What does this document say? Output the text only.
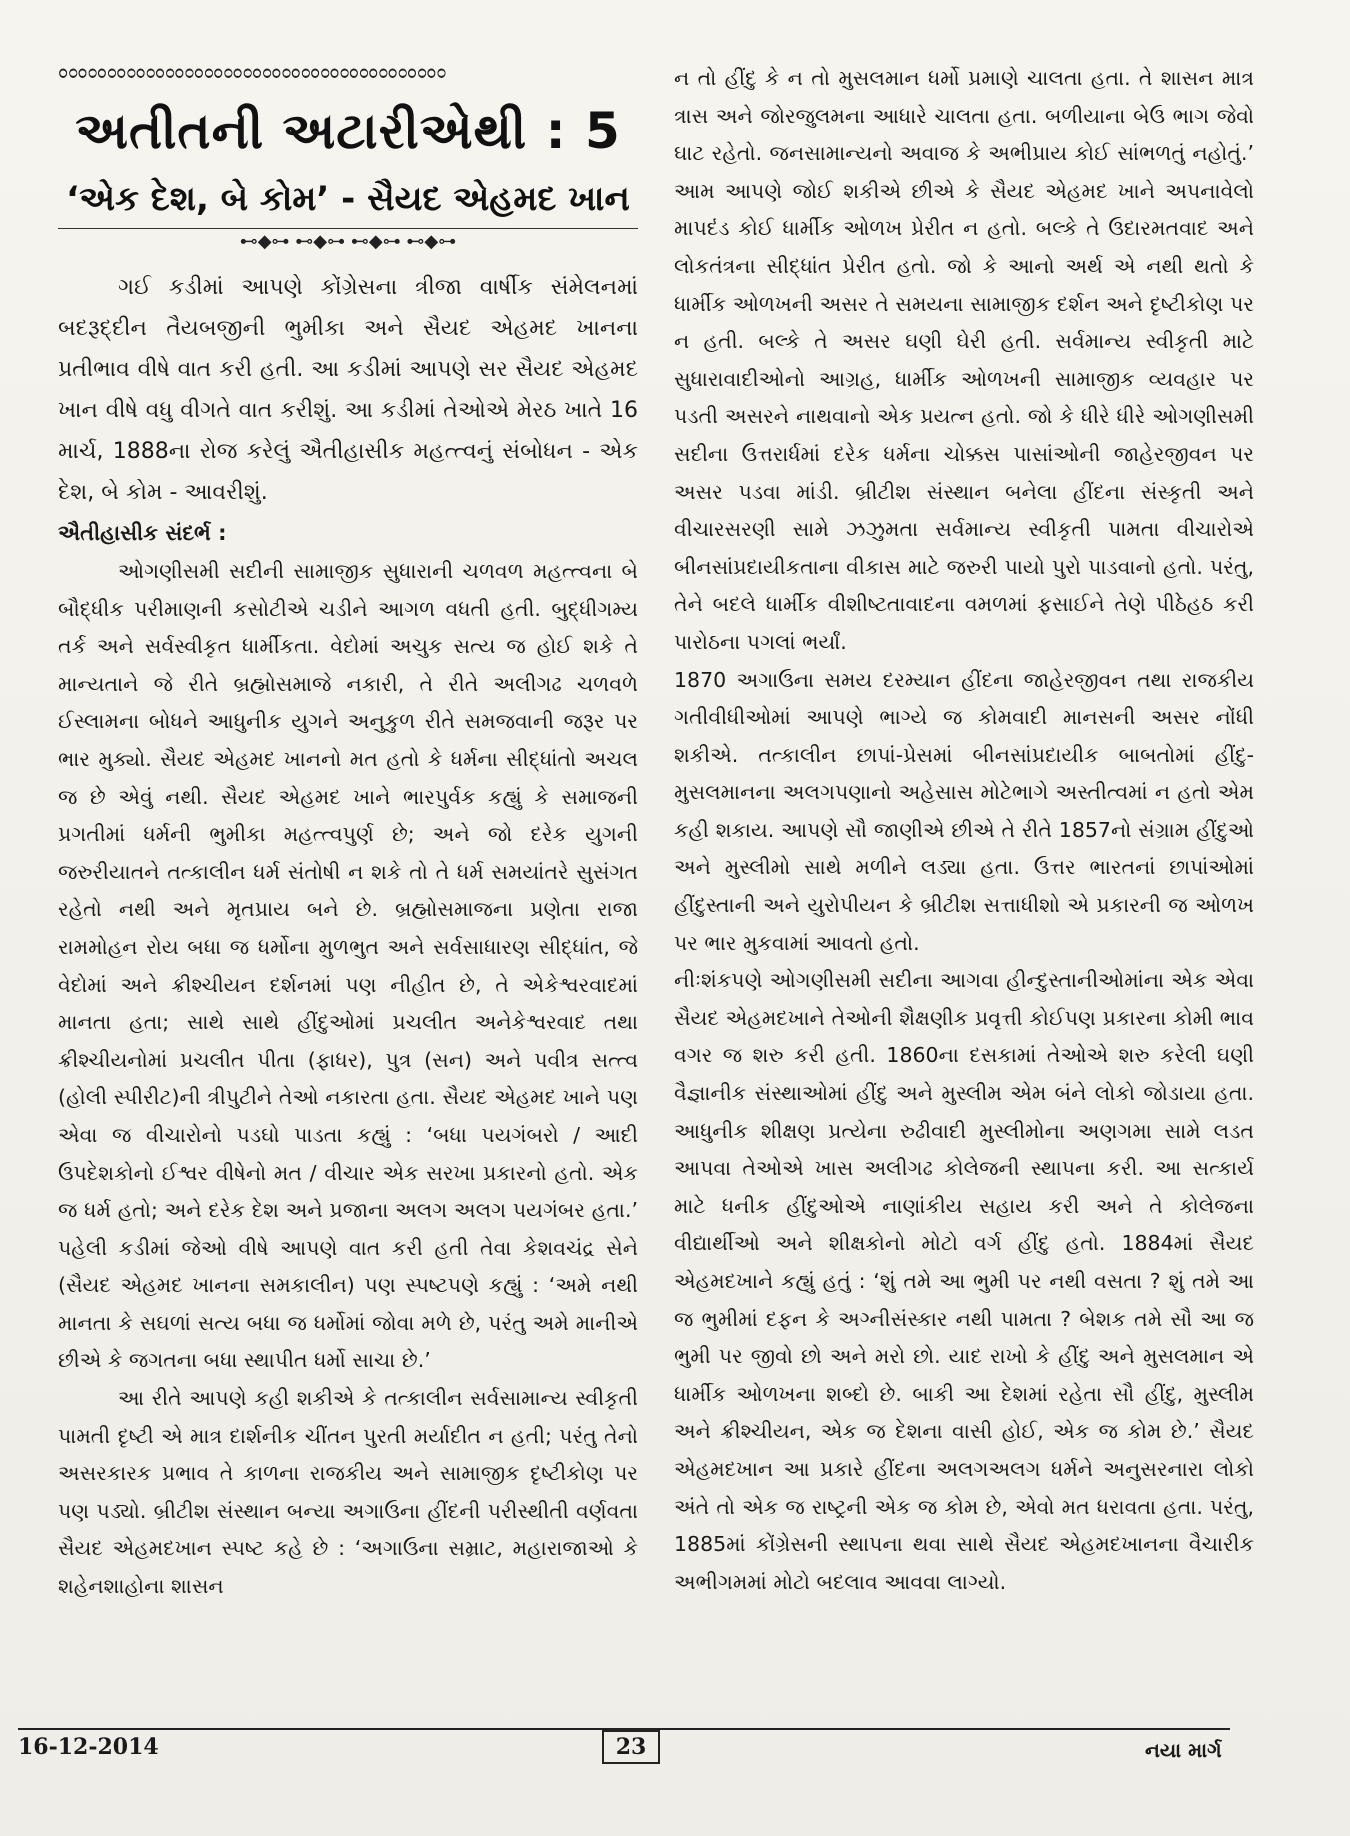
ೲೲೲೲೲೲೲೲೲೲೲೲೲೲೲೲೲೲೲೲ
અતીતની અટારીએથી : 5
‘એક દેશ, બે કોમ’ - સૈયદ એહમદ ખાન
⊷◆⊶ ⊷◆⊶ ⊷◆⊶ ⊷◆⊶

ગઈ કડીમાં આપણે કોંગ્રેસના ત્રીજા વાર્ષીક સંમેલનમાં બદરૂદ્દીન તૈયબજીની ભુમીકા અને સૈયદ એહમદ ખાનના પ્રતીભાવ વીષે વાત કરી હતી. આ કડીમાં આપણે સર સૈયદ એહમદ ખાન વીષે વધુ વીગતે વાત કરીશું. આ કડીમાં તેઓએ મેરઠ ખાતે 16 માર્ચ, 1888ના રોજ કરેલું ઐતીહાસીક મહત્ત્વનું સંબોધન - એક દેશ, બે કોમ - આવરીશું.

ઐતીહાસીક સંદર્ભ :

ઓગણીસમી સદીની સામાજીક સુધારાની ચળવળ મહત્ત્વના બે બૌદ્ધીક પરીમાણની કસોટીએ ચડીને આગળ વધતી હતી. બુદ્ધીગમ્ય તર્ક અને સર્વસ્વીકૃત ધાર્મીકતા. વેદોમાં અચુક સત્ય જ હોઈ શકે તે માન્યતાને જે રીતે બ્રહ્મોસમાજે નકારી, તે રીતે અલીગઢ ચળવળે ઈસ્લામના બોધને આધુનીક યુગને અનુકુળ રીતે સમજવાની જરૂર પર ભાર મુક્યો. સૈયદ એહમદ ખાનનો મત હતો કે ધર્મના સીદ્ધાંતો અચલ જ છે એવું નથી. સૈયદ એહમદ ખાને ભારપુર્વક કહ્યું કે સમાજની પ્રગતીમાં ધર્મની ભુમીકા મહત્ત્વપુર્ણ છે; અને જો દરેક યુગની જરુરીયાતને તત્કાલીન ધર્મ સંતોષી ન શકે તો તે ધર્મ સમયાંતરે સુસંગત રહેતો નથી અને મૃતપ્રાય બને છે. બ્રહ્મોસમાજના પ્રણેતા રાજા રામમોહન રોય બધા જ ધર્મોના મુળભુત અને સર્વસાધારણ સીદ્ધાંત, જે વેદોમાં અને ક્રીશ્ચીયન દર્શનમાં પણ નીહીત છે, તે એકેશ્વરવાદમાં માનતા હતા; સાથે સાથે હીંદુઓમાં પ્રચલીત અનેકેશ્વરવાદ તથા ક્રીશ્ચીયનોમાં પ્રચલીત પીતા (ફાધર), પુત્ર (સન) અને પવીત્ર સત્ત્વ (હોલી સ્પીરીટ)ની ત્રીપુટીને તેઓ નકારતા હતા. સૈયદ એહમદ ખાને પણ એવા જ વીચારોનો પડઘો પાડતા કહ્યું : ‘બધા પયગંબરો / આદી ઉપદેશકોનો ઈશ્વર વીષેનો મત / વીચાર એક સરખા પ્રકારનો હતો. એક જ ધર્મ હતો; અને દરેક દેશ અને પ્રજાના અલગ અલગ પયગંબર હતા.’ પહેલી કડીમાં જેઓ વીષે આપણે વાત કરી હતી તેવા કેશવચંદ્ર સેને (સૈયદ એહમદ ખાનના સમકાલીન) પણ સ્પષ્ટપણે કહ્યું : ‘અમે નથી માનતા કે સઘળાં સત્ય બધા જ ધર્મોમાં જોવા મળે છે, પરંતુ અમે માનીએ છીએ કે જગતના બધા સ્થાપીત ધર્મો સાચા છે.’

આ રીતે આપણે કહી શકીએ કે તત્કાલીન સર્વસામાન્ય સ્વીકૃતી પામતી દૃષ્ટી એ માત્ર દાર્શનીક ચીંતન પુરતી મર્યાદીત ન હતી; પરંતુ તેનો અસરકારક પ્રભાવ તે કાળના રાજકીય અને સામાજીક દૃષ્ટીકોણ પર પણ પડ્યો. બ્રીટીશ સંસ્થાન બન્યા અગાઉના હીંદની પરીસ્થીતી વર્ણવતા સૈયદ એહમદખાન સ્પષ્ટ કહે છે : ‘અગાઉના સમ્રાટ, મહારાજાઓ કે શહેનશાહોના શાસન

ન તો હીંદુ કે ન તો મુસલમાન ધર્મો પ્રમાણે ચાલતા હતા. તે શાસન માત્ર ત્રાસ અને જોરજુલમના આધારે ચાલતા હતા. બળીયાના બેઉ ભાગ જેવો ઘાટ રહેતો. જનસામાન્યનો અવાજ કે અભીપ્રાય કોઈ સાંભળતું નહોતું.’ આમ આપણે જોઈ શકીએ છીએ કે સૈયદ એહમદ ખાને અપનાવેલો માપદંડ કોઈ ધાર્મીક ઓળખ પ્રેરીત ન હતો. બલ્કે તે ઉદારમતવાદ અને લોકતંત્રના સીદ્ધાંત પ્રેરીત હતો. જો કે આનો અર્થ એ નથી થતો કે ધાર્મીક ઓળખની અસર તે સમયના સામાજીક દર્શન અને દૃષ્ટીકોણ પર ન હતી. બલ્કે તે અસર ઘણી ઘેરી હતી. સર્વમાન્ય સ્વીકૃતી માટે સુધારાવાદીઓનો આગ્રહ, ધાર્મીક ઓળખની સામાજીક વ્યવહાર પર પડતી અસરને નાથવાનો એક પ્રયત્ન હતો. જો કે ધીરે ધીરે ઓગણીસમી સદીના ઉત્તરાર્ધમાં દરેક ધર્મના ચોક્કસ પાસાંઓની જાહેરજીવન પર અસર પડવા માંડી. બ્રીટીશ સંસ્થાન બનેલા હીંદના સંસ્કૃતી અને વીચારસરણી સામે ઝઝુમતા સર્વમાન્ય સ્વીકૃતી પામતા વીચારોએ બીનસાંપ્રદાયીકતાના વીકાસ માટે જરુરી પાયો પુરો પાડવાનો હતો. પરંતુ, તેને બદલે ધાર્મીક વીશીષ્ટતાવાદના વમળમાં ફસાઈને તેણે પીઠેહઠ કરી પારોઠના પગલાં ભર્યાં.

1870 અગાઉના સમય દરમ્યાન હીંદના જાહેરજીવન તથા રાજકીય ગતીવીધીઓમાં આપણે ભાગ્યે જ કોમવાદી માનસની અસર નોંધી શકીએ. તત્કાલીન છાપાં-પ્રેસમાં બીનસાંપ્રદાયીક બાબતોમાં હીંદુ-મુસલમાનના અલગપણાનો અહેસાસ મોટેભાગે અસ્તીત્વમાં ન હતો એમ કહી શકાય. આપણે સૌ જાણીએ છીએ તે રીતે 1857નો સંગ્રામ હીંદુઓ અને મુસ્લીમો સાથે મળીને લડ્યા હતા. ઉત્તર ભારતનાં છાપાંઓમાં હીંદુસ્તાની અને યુરોપીયન કે બ્રીટીશ સત્તાધીશો એ પ્રકારની જ ઓળખ પર ભાર મુકવામાં આવતો હતો.

નીઃશંકપણે ઓગણીસમી સદીના આગવા હીન્દુસ્તાનીઓમાંના એક એવા સૈયદ એહમદખાને તેઓની શૈક્ષણીક પ્રવૃત્તી કોઈપણ પ્રકારના કોમી ભાવ વગર જ શરુ કરી હતી. 1860ના દસકામાં તેઓએ શરુ કરેલી ઘણી વૈજ્ઞાનીક સંસ્થાઓમાં હીંદુ અને મુસ્લીમ એમ બંને લોકો જોડાયા હતા. આધુનીક શીક્ષણ પ્રત્યેના રુઢીવાદી મુસ્લીમોના અણગમા સામે લડત આપવા તેઓએ ખાસ અલીગઢ કોલેજની સ્થાપના કરી. આ સત્કાર્ય માટે ધનીક હીંદુઓએ નાણાંકીય સહાય કરી અને તે કોલેજના વીદ્યાર્થીઓ અને શીક્ષકોનો મોટો વર્ગ હીંદુ હતો. 1884માં સૈયદ એહમદખાને કહ્યું હતું : ‘શું તમે આ ભુમી પર નથી વસતા ? શું તમે આ જ ભુમીમાં દફન કે અગ્નીસંસ્કાર નથી પામતા ? બેશક તમે સૌ આ જ ભુમી પર જીવો છો અને મરો છો. યાદ રાખો કે હીંદુ અને મુસલમાન એ ધાર્મીક ઓળખના શબ્દો છે. બાકી આ દેશમાં રહેતા સૌ હીંદુ, મુસ્લીમ અને ક્રીશ્ચીયન, એક જ દેશના વાસી હોઈ, એક જ કોમ છે.’ સૈયદ એહમદખાન આ પ્રકારે હીંદના અલગઅલગ ધર્મને અનુસરનારા લોકો અંતે તો એક જ રાષ્ટ્રની એક જ કોમ છે, એવો મત ધરાવતા હતા. પરંતુ, 1885માં કોંગ્રેસની સ્થાપના થવા સાથે સૈયદ એહમદખાનના વૈચારીક અભીગમમાં મોટો બદલાવ આવવા લાગ્યો.

16-12-2014	23	નયા માર્ગ
